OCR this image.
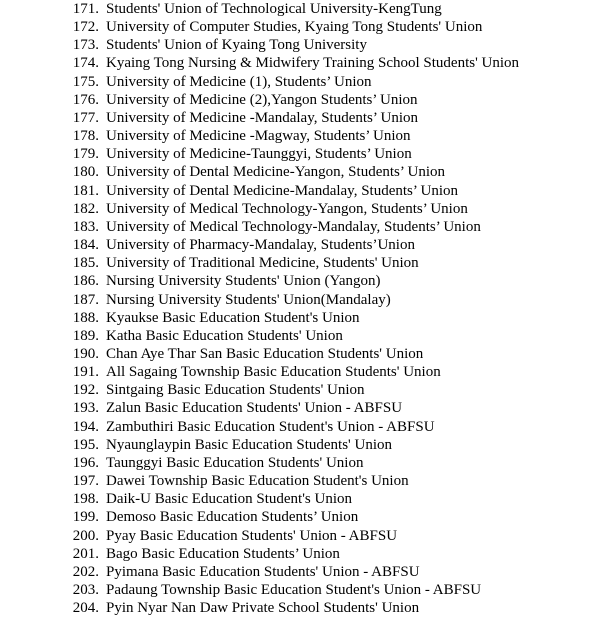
171. Students' Union of Technological University-KengTung
172. University of Computer Studies, Kyaing Tong Students' Union
173. Students' Union of Kyaing Tong University
174. Kyaing Tong Nursing & Midwifery Training School Students' Union
175. University of Medicine (1), Students’ Union
176. University of Medicine (2),Yangon Students’ Union
177. University of Medicine -Mandalay, Students’ Union
178. University of Medicine -Magway, Students’ Union
179. University of Medicine-Taunggyi, Students’ Union
180. University of Dental Medicine-Yangon, Students’ Union
181. University of Dental Medicine-Mandalay, Students’ Union
182. University of Medical Technology-Yangon, Students’ Union
183. University of Medical Technology-Mandalay, Students’ Union
184. University of Pharmacy-Mandalay, Students’Union
185. University of Traditional Medicine, Students' Union
186. Nursing University Students' Union (Yangon)
187. Nursing University Students' Union(Mandalay)
188. Kyaukse Basic Education Student's Union
189. Katha Basic Education Students' Union
190. Chan Aye Thar San Basic Education Students' Union
191. All Sagaing Township Basic Education Students' Union
192. Sintgaing Basic Education Students' Union
193. Zalun Basic Education Students' Union - ABFSU
194. Zambuthiri Basic Education Student's Union - ABFSU
195. Nyaunglaypin Basic Education Students' Union
196. Taunggyi Basic Education Students' Union
197. Dawei Township Basic Education Student's Union
198. Daik-U Basic Education Student's Union
199. Demoso Basic Education Students’ Union
200. Pyay Basic Education Students' Union - ABFSU
201. Bago Basic Education Students’ Union
202. Pyimana Basic Education Students' Union - ABFSU
203. Padaung Township Basic Education Student's Union - ABFSU
204. Pyin Nyar Nan Daw Private School Students' Union
